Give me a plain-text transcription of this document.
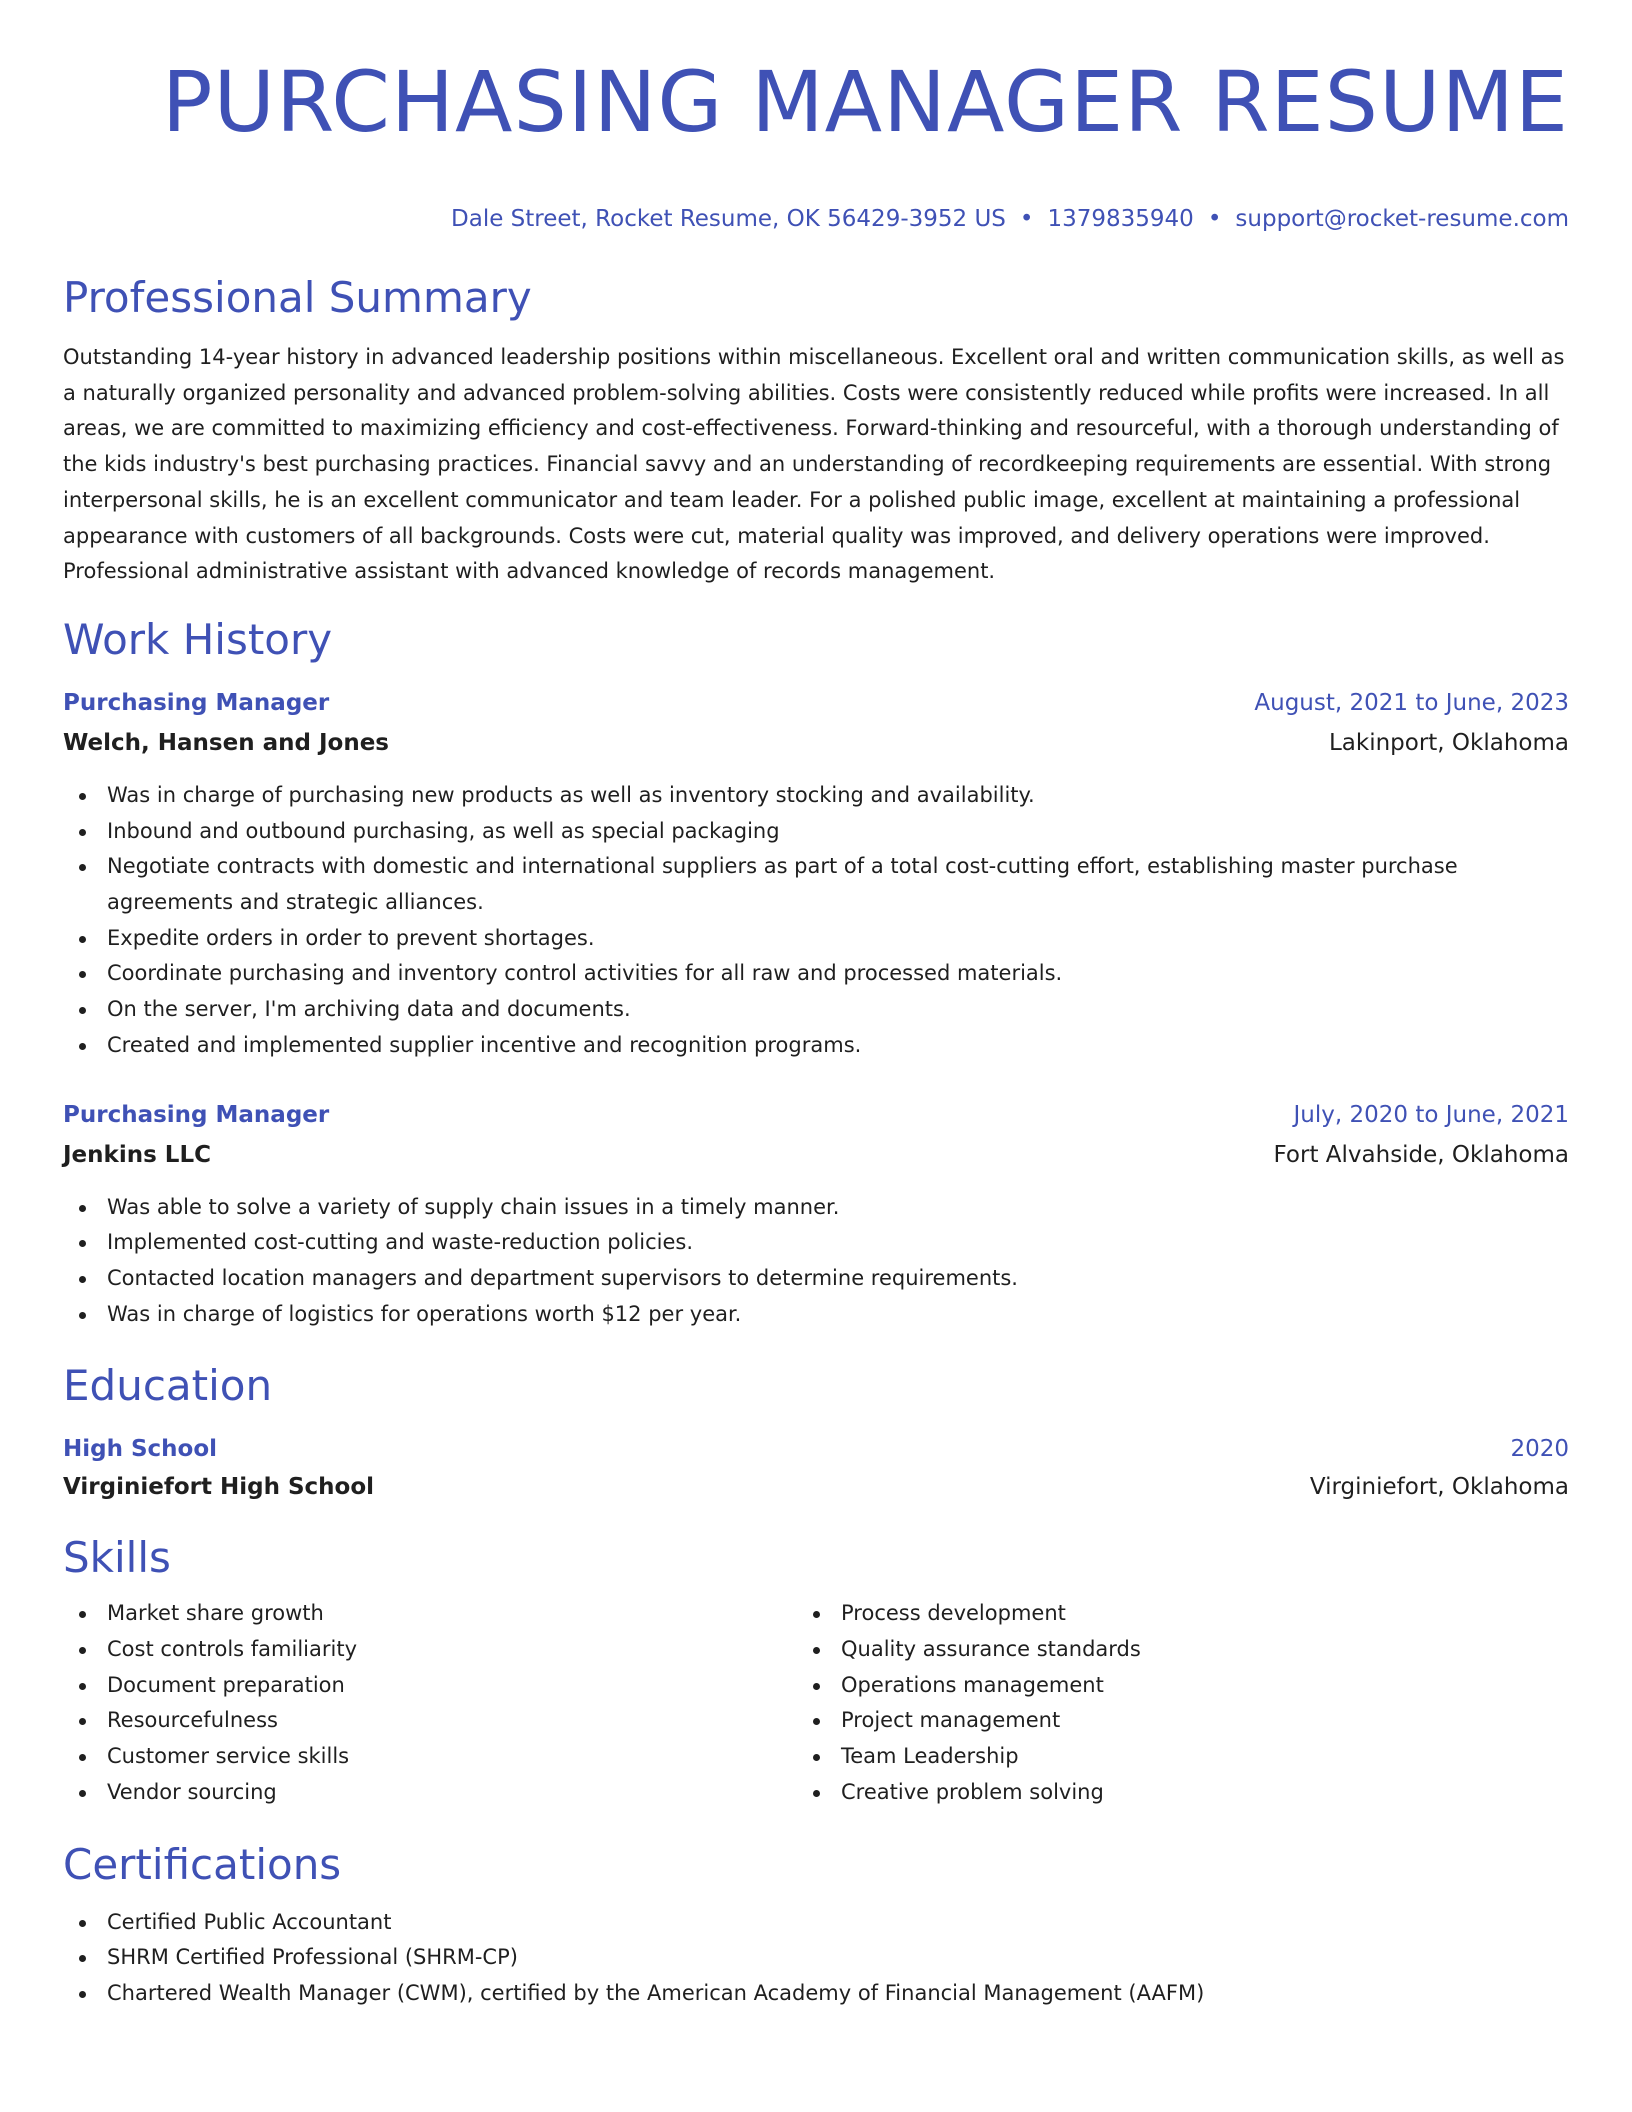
PURCHASING MANAGER RESUME
Dale Street, Rocket Resume, OK 56429-3952 US • 1379835940 • support@rocket-resume.com
Professional Summary

Outstanding 14-year history in advanced leadership positions within miscellaneous. Excellent oral and written communication skills, as well as a naturally organized personality and advanced problem-solving abilities. Costs were consistently reduced while profits were increased. In all areas, we are committed to maximizing efficiency and cost-effectiveness. Forward-thinking and resourceful, with a thorough understanding of the kids industry's best purchasing practices. Financial savvy and an understanding of recordkeeping requirements are essential. With strong interpersonal skills, he is an excellent communicator and team leader. For a polished public image, excellent at maintaining a professional appearance with customers of all backgrounds. Costs were cut, material quality was improved, and delivery operations were improved. Professional administrative assistant with advanced knowledge of records management.

Work History
Purchasing Manager	August, 2021 to June, 2023
Welch, Hansen and Jones	Lakinport, Oklahoma
Was in charge of purchasing new products as well as inventory stocking and availability.
Inbound and outbound purchasing, as well as special packaging
Negotiate contracts with domestic and international suppliers as part of a total cost-cutting effort, establishing master purchase agreements and strategic alliances.
Expedite orders in order to prevent shortages.
Coordinate purchasing and inventory control activities for all raw and processed materials.
On the server, I'm archiving data and documents.
Created and implemented supplier incentive and recognition programs.
Purchasing Manager	July, 2020 to June, 2021
Jenkins LLC	Fort Alvahside, Oklahoma
Was able to solve a variety of supply chain issues in a timely manner.
Implemented cost-cutting and waste-reduction policies.
Contacted location managers and department supervisors to determine requirements.
Was in charge of logistics for operations worth $12 per year.
Education
High School	2020
Virginiefort High School	Virginiefort, Oklahoma
Skills
Market share growth
Cost controls familiarity
Document preparation
Resourcefulness
Customer service skills
Vendor sourcing
Process development
Quality assurance standards
Operations management
Project management
Team Leadership
Creative problem solving
Certifications
Certified Public Accountant
SHRM Certified Professional (SHRM-CP)
Chartered Wealth Manager (CWM), certified by the American Academy of Financial Management (AAFM)
